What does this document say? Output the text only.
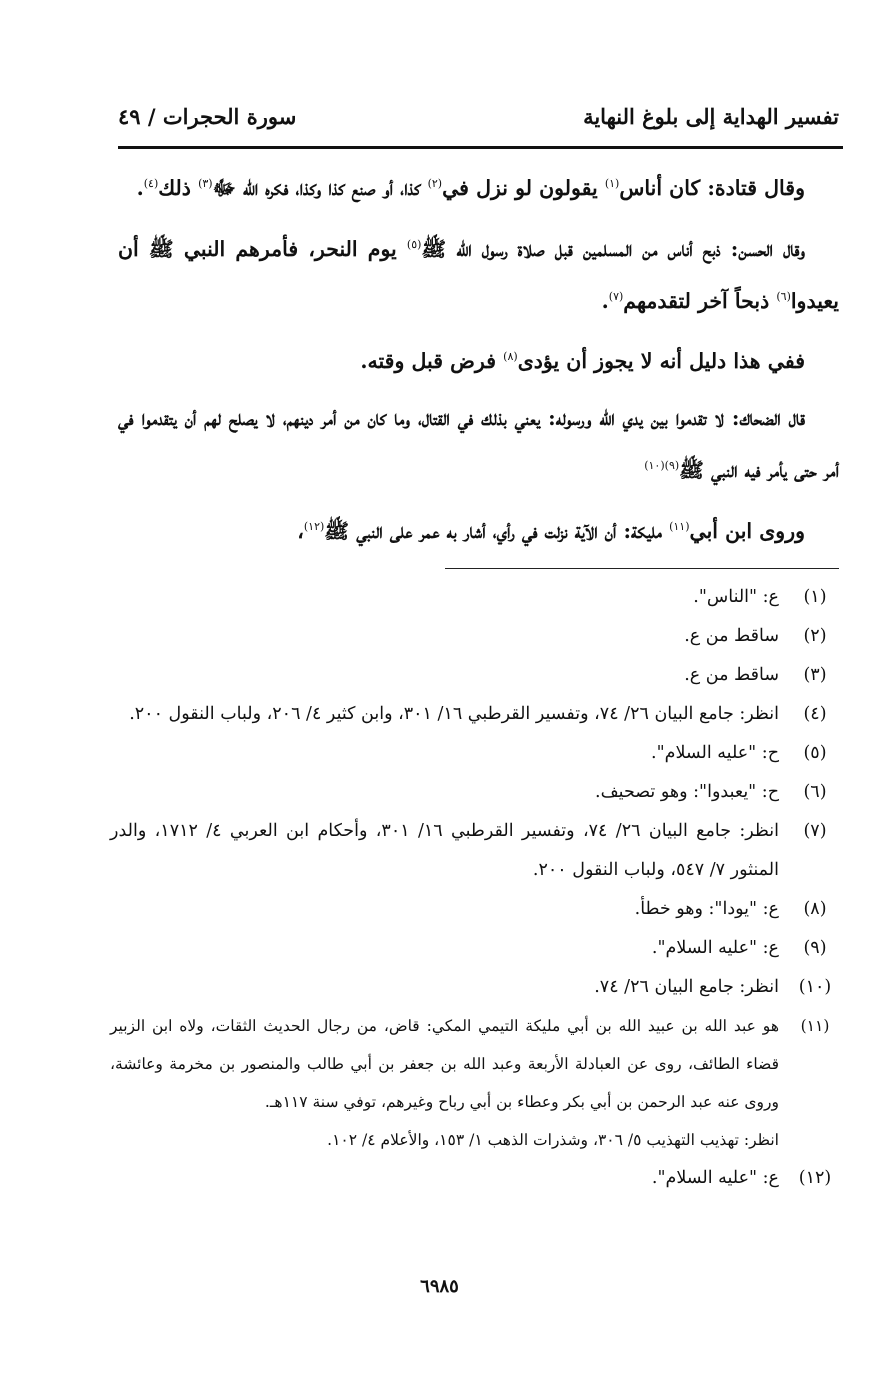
تفسير الهداية إلى بلوغ النهاية
سورة الحجرات / ٤٩

وقال قتادة: كان أناس$^{(١)}$ يقولون لو نزل في$^{(٢)}$ كذا، أو صنع كذا وكذا، فكره الله ﷻ$^{(٣)}$ ذلك$^{(٤)}$.

وقال الحسن: ذبح أناس من المسلمين قبل صلاة رسول الله ﷺ$^{(٥)}$ يوم النحر، فأمرهم النبي ﷺ أن يعيدوا$^{(٦)}$ ذبحاً آخر لتقدمهم$^{(٧)}$.

ففي هذا دليل أنه لا يجوز أن يؤدى$^{(٨)}$ فرض قبل وقته.

قال الضحاك: لا تقدموا بين يدي الله ورسوله: يعني بذلك في القتال، وما كان من أمر دينهم، لا يصلح لهم أن يتقدموا في أمر حتى يأمر فيه النبي ﷺ$^{(٩)(١٠)}$

وروى ابن أبي$^{(١١)}$ مليكة: أن الآية نزلت في رأي، أشار به عمر على النبي ﷺ$^{(١٢)}$،

(١)
ع: "الناس".
(٢)
ساقط من ع.
(٣)
ساقط من ع.
(٤)
انظر: جامع البيان ٢٦/ ٧٤، وتفسير القرطبي ١٦/ ٣٠١، وابن كثير ٤/ ٢٠٦، ولباب النقول ٢٠٠.
(٥)
ح: "عليه السلام".
(٦)
ح: "يعبدوا": وهو تصحيف.
(٧)
انظر: جامع البيان ٢٦/ ٧٤، وتفسير القرطبي ١٦/ ٣٠١، وأحكام ابن العربي ٤/ ١٧١٢، والدر المنثور ٧/ ٥٤٧، ولباب النقول ٢٠٠.
(٨)
ع: "يودا": وهو خطأ.
(٩)
ع: "عليه السلام".
(١٠)
انظر: جامع البيان ٢٦/ ٧٤.
(١١)
هو عبد الله بن عبيد الله بن أبي مليكة التيمي المكي: قاض، من رجال الحديث الثقات، ولاه ابن الزبير قضاء الطائف، روى عن العبادلة الأربعة وعبد الله بن جعفر بن أبي طالب والمنصور بن مخرمة وعائشة، وروى عنه عبد الرحمن بن أبي بكر وعطاء بن أبي رباح وغيرهم، توفي سنة ١١٧هـ.
انظر: تهذيب التهذيب ٥/ ٣٠٦، وشذرات الذهب ١/ ١٥٣، والأعلام ٤/ ١٠٢.
(١٢)
ع: "عليه السلام".
٦٩٨٥
